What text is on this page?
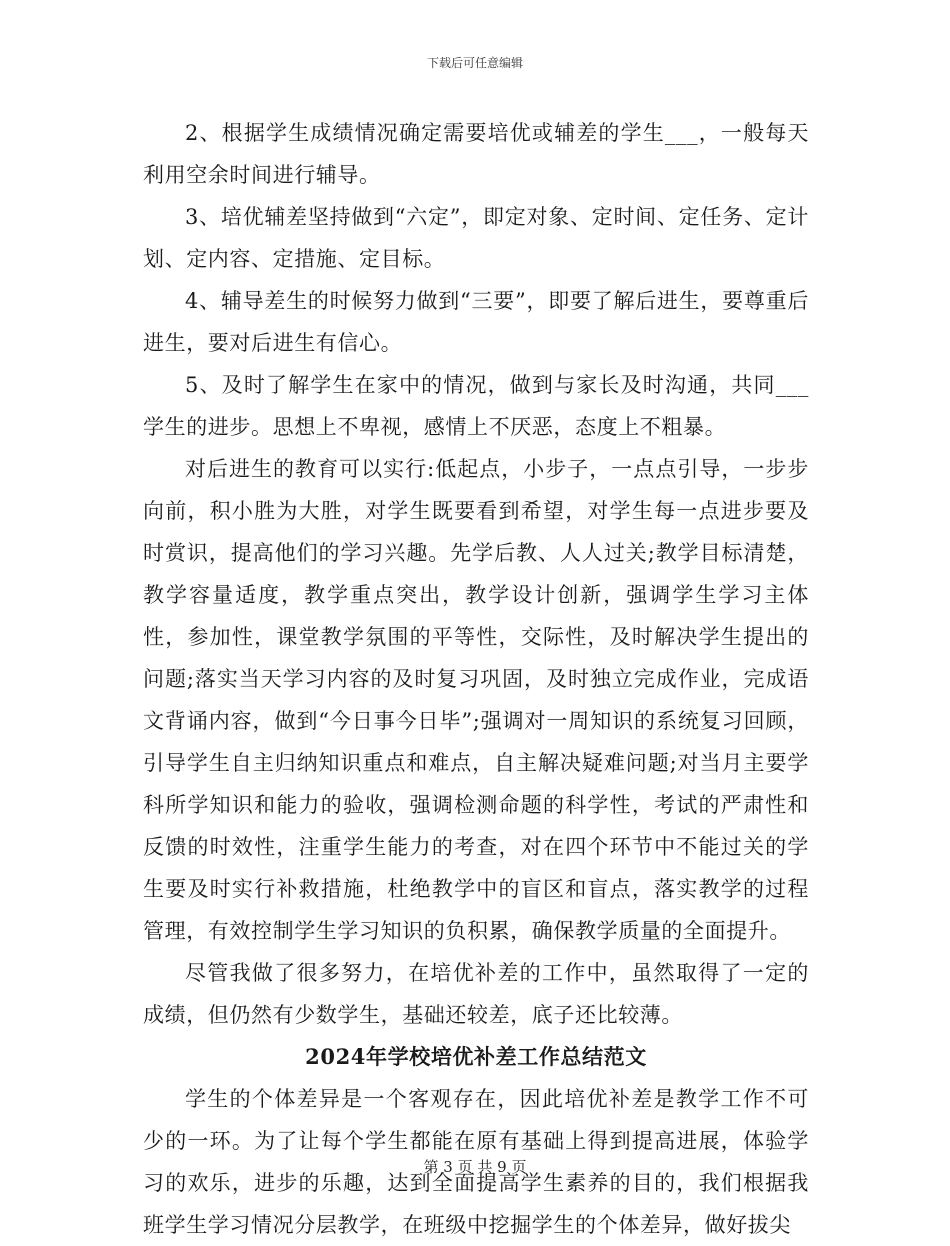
下载后可任意编辑

2、根据学生成绩情况确定需要培优或辅差的学生___，一般每天利用空余时间进行辅导。

3、培优辅差坚持做到“六定”，即定对象、定时间、定任务、定计划、定内容、定措施、定目标。

4、辅导差生的时候努力做到“三要”，即要了解后进生，要尊重后进生，要对后进生有信心。

5、及时了解学生在家中的情况，做到与家长及时沟通，共同___学生的进步。思想上不卑视，感情上不厌恶，态度上不粗暴。

对后进生的教育可以实行:低起点，小步子，一点点引导，一步步向前，积小胜为大胜，对学生既要看到希望，对学生每一点进步要及时赏识，提高他们的学习兴趣。先学后教、人人过关;教学目标清楚，教学容量适度，教学重点突出，教学设计创新，强调学生学习主体性，参加性，课堂教学氛围的平等性，交际性，及时解决学生提出的问题;落实当天学习内容的及时复习巩固，及时独立完成作业，完成语文背诵内容，做到“今日事今日毕”;强调对一周知识的系统复习回顾，引导学生自主归纳知识重点和难点，自主解决疑难问题;对当月主要学科所学知识和能力的验收，强调检测命题的科学性，考试的严肃性和反馈的时效性，注重学生能力的考查，对在四个环节中不能过关的学生要及时实行补救措施，杜绝教学中的盲区和盲点，落实教学的过程管理，有效控制学生学习知识的负积累，确保教学质量的全面提升。

尽管我做了很多努力，在培优补差的工作中，虽然取得了一定的成绩，但仍然有少数学生，基础还较差，底子还比较薄。

2024年学校培优补差工作总结范文

学生的个体差异是一个客观存在，因此培优补差是教学工作不可少的一环。为了让每个学生都能在原有基础上得到提高进展，体验学习的欢乐，进步的乐趣，达到全面提高学生素养的目的，我们根据我班学生学习情况分层教学，在班级中挖掘学生的个体差异，做好拔尖

第 3 页 共 9 页
